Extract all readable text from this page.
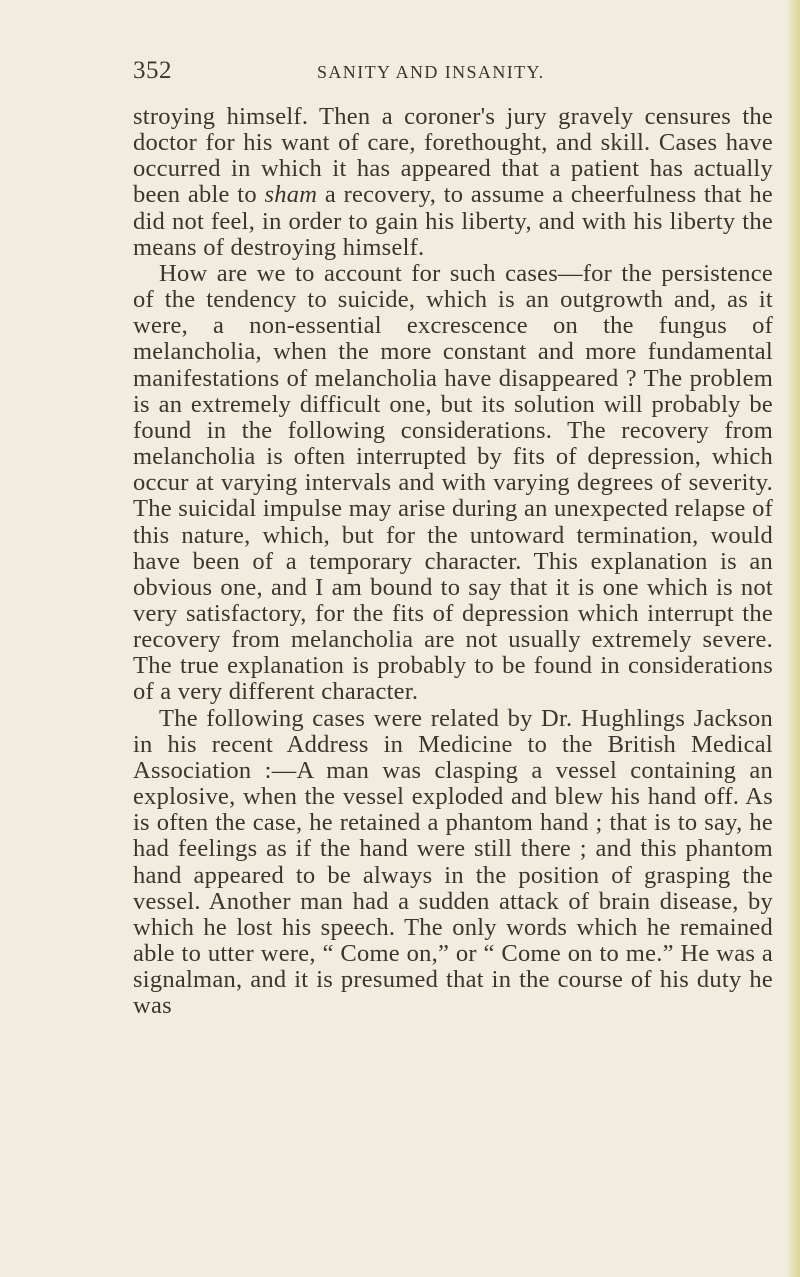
352	SANITY AND INSANITY.

stroying himself. Then a coroner's jury gravely censures the doctor for his want of care, forethought, and skill. Cases have occurred in which it has appeared that a patient has actually been able to sham a recovery, to assume a cheerfulness that he did not feel, in order to gain his liberty, and with his liberty the means of destroying himself.

How are we to account for such cases—for the persistence of the tendency to suicide, which is an outgrowth and, as it were, a non-essential excrescence on the fungus of melancholia, when the more constant and more fundamental manifestations of melancholia have disappeared ? The problem is an extremely difficult one, but its solution will probably be found in the following considerations. The recovery from melancholia is often interrupted by fits of depression, which occur at varying intervals and with varying degrees of severity. The suicidal impulse may arise during an unexpected relapse of this nature, which, but for the untoward termination, would have been of a temporary character. This explanation is an obvious one, and I am bound to say that it is one which is not very satisfactory, for the fits of depression which interrupt the recovery from melancholia are not usually extremely severe. The true explanation is probably to be found in considerations of a very different character.

The following cases were related by Dr. Hughlings Jackson in his recent Address in Medicine to the British Medical Association :—A man was clasping a vessel containing an explosive, when the vessel exploded and blew his hand off. As is often the case, he retained a phantom hand ; that is to say, he had feelings as if the hand were still there ; and this phantom hand appeared to be always in the position of grasping the vessel. Another man had a sudden attack of brain disease, by which he lost his speech. The only words which he remained able to utter were, “ Come on,” or “ Come on to me.” He was a signalman, and it is presumed that in the course of his duty he was
